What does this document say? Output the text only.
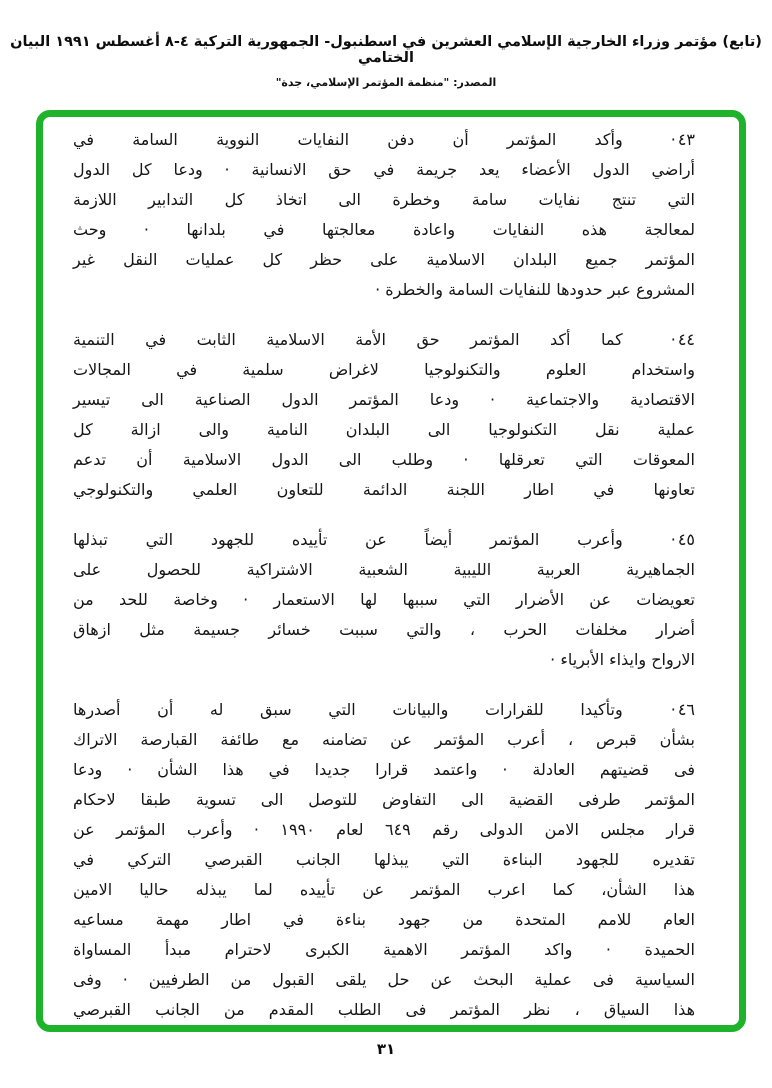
(تابع) مؤتمر وزراء الخارجية الإسلامي العشرين في اسطنبول- الجمهورية التركية ٤-٨ أغسطس ١٩٩١ البيان الختامي
المصدر: "منظمة المؤتمر الإسلامي، جدة"
٤٣·وأكد المؤتمر أن دفن النفايات النووية السامة في
أراضي الدول الأعضاء يعد جريمة في حق الانسانية · ودعا كل الدول
التي تنتج نفايات سامة وخطرة الى اتخاذ كل التدابير اللازمة
لمعالجة هذه النفايات واعادة معالجتها في بلدانها · وحث
المؤتمر جميع البلدان الاسلامية على حظر كل عمليات النقل غير
المشروع عبر حدودها للنفايات السامة والخطرة ·
٤٤·كما أكد المؤتمر حق الأمة الاسلامية الثابت في التنمية
واستخدام العلوم والتكنولوجيا لاغراض سلمية في المجالات
الاقتصادية والاجتماعية · ودعا المؤتمر الدول الصناعية الى تيسير
عملية نقل التكنولوجيا الى البلدان النامية والى ازالة كل
المعوقات التي تعرقلها · وطلب الى الدول الاسلامية أن تدعم
تعاونها في اطار اللجنة الدائمة للتعاون العلمي والتكنولوجي
٤٥·وأعرب المؤتمر أيضاً عن تأييده للجهود التي تبذلها
الجماهيرية العربية الليبية الشعبية الاشتراكية للحصول على
تعويضات عن الأضرار التي سببها لها الاستعمار · وخاصة للحد من
أضرار مخلفات الحرب ، والتي سببت خسائر جسيمة مثل ازهاق
الارواح وايذاء الأبرياء ·
٤٦·وتأكيدا للقرارات والبيانات التي سبق له أن أصدرها
بشأن قبرص ، أعرب المؤتمر عن تضامنه مع طائفة القبارصة الاتراك
فى قضيتهم العادلة · واعتمد قرارا جديدا في هذا الشأن · ودعا
المؤتمر طرفى القضية الى التفاوض للتوصل الى تسوية طبقا لاحكام
قرار مجلس الامن الدولى رقم ٦٤٩ لعام ١٩٩٠ · وأعرب المؤتمر عن
تقديره للجهود البناءة التي يبذلها الجانب القبرصي التركي في
هذا الشأن، كما اعرب المؤتمر عن تأييده لما يبذله حاليا الامين
العام للامم المتحدة من جهود بناءة في اطار مهمة مساعيه
الحميدة · واكد المؤتمر الاهمية الكبرى لاحترام مبدأ المساواة
السياسية فى عملية البحث عن حل يلقى القبول من الطرفيين · وفى
هذا السياق ، نظر المؤتمر فى الطلب المقدم من الجانب القبرصي
٣١
